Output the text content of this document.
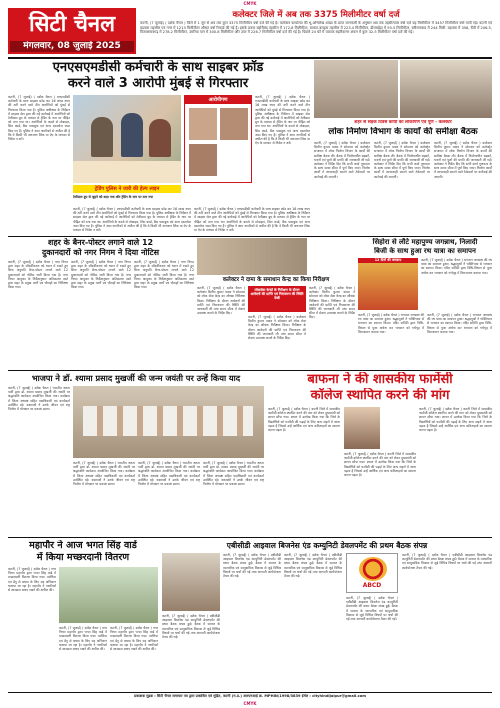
CMYK
CMYK
सिटी चैनल
मंगलवार, 08 जुलाई 2025
कलेक्टर जिले में अब तक 3375 मिलीमीटर वर्षा दर्ज
कटनी, (7 जुलाई) ( दर्शक चैनल ) जिले में 1 जून से अब तक कुल 3375 मिलीमीटर वर्षा दर्ज की गई है। कलेक्टर कार्यालय की भू-अभिलेख शाखा के प्राप्त जानकारी के अनुसार अब तक तहसीलवार वर्षा दर्ज यह मिलीमीटर में 3457 मिलीमीटर वर्षा मापी गई। कटनी एवं बड़वारा तहसील एवं नगर में 1213 मिलीमीटर औसत वर्षा रिकार्ड की गई है। इसके प्रकार बहोरीबंद तहसील में 172.8 मिलीमीटर, बाकल-बराहटा तहसील में 223.4 मिलीमीटर, ढीमरखेड़ा में 93.5 मिलीमीटर, स्लीमनाबाद में 244 मिली. बड़वारा में 358, रीठी में 206.5, विजयराघवगढ़ में 278.2 मिलीमीटर, उमरिया पान में 300.8 मिलीमीटर और उपर में 226.7 मिलीमीटर वर्षा दर्ज की गई है। पिछले 24 घंटे में व्यापक सहरीकरण अंकन में कुल 32.5 मिलीमीटर वर्षा दर्ज की गई।
एनएसएमडीसी कर्मचारी के साथ साइबर फ्रॉड
करने वाले 3 आरोपी मुंबई से गिरफ्तार
कटनी, (7 जुलाई) ( दर्शक चैनल ) एनएमडीसी कर्मचारी के साथ साइबर फ्रॉड कर 16 लाख रुपए की ठगी करने वाले तीन आरोपियों को मुंबई से गिरफ्तार किया गया है। पुलिस अधीक्षक के निर्देशन में साइबर सेल द्वारा की गई कार्रवाई में आरोपियों को टेलीग्राम ग्रुप के माध्यम से ट्रेडिंग के नाम पर पीड़ित को ठगा गया था। आरोपियों के कब्जे से मोबाइल, सिम कार्ड, बैंक पासबुक एवं अन्य दस्तावेज जब्त किए गए हैं। पुलिस ने आम नागरिकों से अपील की है कि वे किसी भी अनजान लिंक या ऐप के माध्यम से निवेश न करें।
आरोपीगण	कटनी, (7 जुलाई) ( दर्शक चैनल ) एनएमडीसी कर्मचारी के साथ साइबर फ्रॉड कर 16 लाख रुपए की ठगी करने वाले तीन आरोपियों को मुंबई से गिरफ्तार किया गया है। पुलिस अधीक्षक के निर्देशन में साइबर सेल द्वारा की गई कार्रवाई में आरोपियों को टेलीग्राम ग्रुप के माध्यम से ट्रेडिंग के नाम पर पीड़ित को ठगा गया था। आरोपियों के कब्जे से मोबाइल, सिम कार्ड, बैंक पासबुक एवं अन्य दस्तावेज जब्त किए गए हैं। पुलिस ने आम नागरिकों से अपील की है कि वे किसी भी अनजान लिंक या ऐप के माध्यम से निवेश न करें।
ट्रेडिंग पुलिस ने जारी की हेल्प लाइन
टेलीग्राम ग्रुप से जुड़ने को कहा गया और ट्रेडिंग के नाम पर ठगा गया
कटनी, (7 जुलाई) ( दर्शक चैनल ) एनएमडीसी कर्मचारी के साथ साइबर फ्रॉड कर 16 लाख रुपए की ठगी करने वाले तीन आरोपियों को मुंबई से गिरफ्तार किया गया है। पुलिस अधीक्षक के निर्देशन में साइबर सेल द्वारा की गई कार्रवाई में आरोपियों को टेलीग्राम ग्रुप के माध्यम से ट्रेडिंग के नाम पर पीड़ित को ठगा गया था। आरोपियों के कब्जे से मोबाइल, सिम कार्ड, बैंक पासबुक एवं अन्य दस्तावेज जब्त किए गए हैं। पुलिस ने आम नागरिकों से अपील की है कि वे किसी भी अनजान लिंक या ऐप के माध्यम से निवेश न करें।
कटनी, (7 जुलाई) ( दर्शक चैनल ) एनएमडीसी कर्मचारी के साथ साइबर फ्रॉड कर 16 लाख रुपए की ठगी करने वाले तीन आरोपियों को मुंबई से गिरफ्तार किया गया है। पुलिस अधीक्षक के निर्देशन में साइबर सेल द्वारा की गई कार्रवाई में आरोपियों को टेलीग्राम ग्रुप के माध्यम से ट्रेडिंग के नाम पर पीड़ित को ठगा गया था। आरोपियों के कब्जे से मोबाइल, सिम कार्ड, बैंक पासबुक एवं अन्य दस्तावेज जब्त किए गए हैं। पुलिस ने आम नागरिकों से अपील की है कि वे किसी भी अनजान लिंक या ऐप के माध्यम से निवेश न करें।
शहर से सड़क दिवस कार्यों का लोकार्पण एवं पूर्ण - कलेक्टर
लोक निर्माण विभाग के कार्यों की समीक्षा बैठक
कटनी, (7 जुलाई) ( दर्शक चैनल ) कलेक्टर दिलीप कुमार यादव ने सोमवार को कलेक्ट्रेट सभागार में लोक निर्माण विभाग के कार्यों की समीक्षा बैठक ली। बैठक में निर्माणाधीन सड़कों, भवनों एवं पुलों की प्रगति की जानकारी ली गई। कलेक्टर ने निर्देश दिए कि सभी कार्य गुणवत्ता के साथ समय सीमा में पूर्ण किए जाएं। निर्माण कार्यों में लापरवाही बरतने वाले ठेकेदारों पर कार्रवाई की जाएगी।
कटनी, (7 जुलाई) ( दर्शक चैनल ) कलेक्टर दिलीप कुमार यादव ने सोमवार को कलेक्ट्रेट सभागार में लोक निर्माण विभाग के कार्यों की समीक्षा बैठक ली। बैठक में निर्माणाधीन सड़कों, भवनों एवं पुलों की प्रगति की जानकारी ली गई। कलेक्टर ने निर्देश दिए कि सभी कार्य गुणवत्ता के साथ समय सीमा में पूर्ण किए जाएं। निर्माण कार्यों में लापरवाही बरतने वाले ठेकेदारों पर कार्रवाई की जाएगी।
कटनी, (7 जुलाई) ( दर्शक चैनल ) कलेक्टर दिलीप कुमार यादव ने सोमवार को कलेक्ट्रेट सभागार में लोक निर्माण विभाग के कार्यों की समीक्षा बैठक ली। बैठक में निर्माणाधीन सड़कों, भवनों एवं पुलों की प्रगति की जानकारी ली गई। कलेक्टर ने निर्देश दिए कि सभी कार्य गुणवत्ता के साथ समय सीमा में पूर्ण किए जाएं। निर्माण कार्यों में लापरवाही बरतने वाले ठेकेदारों पर कार्रवाई की जाएगी।
शहर के बैनर-पोस्टर लगाने वाले 12
दुकानदारों को नगर निगम ने दिया नोटिस
कटनी, (7 जुलाई) ( दर्शक चैनल ) नगर निगम द्वारा शहर के सौंदर्यीकरण को ध्यान में रखते हुए बिना अनुमति बैनर-पोस्टर लगाने वाले 12 दुकानदारों को नोटिस जारी किया गया है। नगर निगम आयुक्त के निर्देशानुसार अतिक्रमण दस्ते द्वारा शहर के प्रमुख मार्गों एवं चौराहों का निरीक्षण किया गया।
कटनी, (7 जुलाई) ( दर्शक चैनल ) नगर निगम द्वारा शहर के सौंदर्यीकरण को ध्यान में रखते हुए बिना अनुमति बैनर-पोस्टर लगाने वाले 12 दुकानदारों को नोटिस जारी किया गया है। नगर निगम आयुक्त के निर्देशानुसार अतिक्रमण दस्ते द्वारा शहर के प्रमुख मार्गों एवं चौराहों का निरीक्षण किया गया।
कटनी, (7 जुलाई) ( दर्शक चैनल ) नगर निगम द्वारा शहर के सौंदर्यीकरण को ध्यान में रखते हुए बिना अनुमति बैनर-पोस्टर लगाने वाले 12 दुकानदारों को नोटिस जारी किया गया है। नगर निगम आयुक्त के निर्देशानुसार अतिक्रमण दस्ते द्वारा शहर के प्रमुख मार्गों एवं चौराहों का निरीक्षण किया गया।
कलेक्टर ने दामा के समाधान केन्द्र का किया निरीक्षण
कटनी, (7 जुलाई) ( दर्शक चैनल ) कलेक्टर दिलीप कुमार यादव ने सोमवार को लोक सेवा केन्द्र का औचक निरीक्षण किया। निरीक्षण के दौरान आवेदनों की प्राप्ति एवं निराकरण की स्थिति की जानकारी ली तथा समय सीमा में सेवाएं उपलब्ध कराने के निर्देश दिए।
लोकसेवा केन्द्रों के निरीक्षण के दौरान आवेदनों की प्राप्ति एवं निराकरण की स्थिति देखी
कटनी, (7 जुलाई) ( दर्शक चैनल ) कलेक्टर दिलीप कुमार यादव ने सोमवार को लोक सेवा केन्द्र का औचक निरीक्षण किया। निरीक्षण के दौरान आवेदनों की प्राप्ति एवं निराकरण की स्थिति की जानकारी ली तथा समय सीमा में सेवाएं उपलब्ध कराने के निर्देश दिए।
कटनी, (7 जुलाई) ( दर्शक चैनल ) कलेक्टर दिलीप कुमार यादव ने सोमवार को लोक सेवा केन्द्र का औचक निरीक्षण किया। निरीक्षण के दौरान आवेदनों की प्राप्ति एवं निराकरण की स्थिति की जानकारी ली तथा समय सीमा में सेवाएं उपलब्ध कराने के निर्देश दिए।
सिहोरा से लौटे महापुण्य जगन्नाथ, निलादी
बिजी के साथ हुआ रथ यात्रा का समापन
12 दिनों की जगन्नाथ	कटनी, (7 जुलाई) ( दर्शक चैनल ) भगवान जगन्नाथ की रथ यात्रा का समापन हुआ। श्रद्धालुओं ने भक्तिभाव से भगवान का स्वागत किया। मंदिर समिति द्वारा विधि-विधान से पूजा अर्चना कर भगवान को गर्भगृह में विराजमान कराया गया।
कटनी, (7 जुलाई) ( दर्शक चैनल ) भगवान जगन्नाथ की रथ यात्रा का समापन हुआ। श्रद्धालुओं ने भक्तिभाव से भगवान का स्वागत किया। मंदिर समिति द्वारा विधि-विधान से पूजा अर्चना कर भगवान को गर्भगृह में विराजमान कराया गया।
कटनी, (7 जुलाई) ( दर्शक चैनल ) भगवान जगन्नाथ की रथ यात्रा का समापन हुआ। श्रद्धालुओं ने भक्तिभाव से भगवान का स्वागत किया। मंदिर समिति द्वारा विधि-विधान से पूजा अर्चना कर भगवान को गर्भगृह में विराजमान कराया गया।
भाजपा ने डॉ. श्यामा प्रसाद मुखर्जी की जन्म जयंती पर उन्हें किया याद
कटनी, (7 जुलाई) ( दर्शक चैनल ) भारतीय जनता पार्टी द्वारा डॉ. श्यामा प्रसाद मुखर्जी की जयंती पर श्रद्धांजलि कार्यक्रम आयोजित किया गया। कार्यक्रम में जिला अध्यक्ष सहित पदाधिकारी एवं कार्यकर्ता उपस्थित रहे। वक्ताओं ने उनके जीवन एवं राष्ट्र निर्माण में योगदान पर प्रकाश डाला।
कटनी, (7 जुलाई) ( दर्शक चैनल ) भारतीय जनता पार्टी द्वारा डॉ. श्यामा प्रसाद मुखर्जी की जयंती पर श्रद्धांजलि कार्यक्रम आयोजित किया गया। कार्यक्रम में जिला अध्यक्ष सहित पदाधिकारी एवं कार्यकर्ता उपस्थित रहे। वक्ताओं ने उनके जीवन एवं राष्ट्र निर्माण में योगदान पर प्रकाश डाला।
कटनी, (7 जुलाई) ( दर्शक चैनल ) भारतीय जनता पार्टी द्वारा डॉ. श्यामा प्रसाद मुखर्जी की जयंती पर श्रद्धांजलि कार्यक्रम आयोजित किया गया। कार्यक्रम में जिला अध्यक्ष सहित पदाधिकारी एवं कार्यकर्ता उपस्थित रहे। वक्ताओं ने उनके जीवन एवं राष्ट्र निर्माण में योगदान पर प्रकाश डाला।
कटनी, (7 जुलाई) ( दर्शक चैनल ) भारतीय जनता पार्टी द्वारा डॉ. श्यामा प्रसाद मुखर्जी की जयंती पर श्रद्धांजलि कार्यक्रम आयोजित किया गया। कार्यक्रम में जिला अध्यक्ष सहित पदाधिकारी एवं कार्यकर्ता उपस्थित रहे। वक्ताओं ने उनके जीवन एवं राष्ट्र निर्माण में योगदान पर प्रकाश डाला।
बाफना ने की शासकीय फार्मेसी
कॉलेज स्थापित करने की मांग
कटनी, (7 जुलाई) ( दर्शक चैनल ) कटनी जिले में शासकीय फार्मेसी कॉलेज स्थापित करने की मांग को लेकर मुख्यमंत्री को ज्ञापन सौंपा गया। ज्ञापन में उल्लेख किया गया कि जिले के विद्यार्थियों को फार्मेसी की पढ़ाई के लिए अन्य शहरों में जाना पड़ता है जिससे उन्हें आर्थिक एवं अन्य कठिनाइयों का सामना करना पड़ता है।
कटनी, (7 जुलाई) ( दर्शक चैनल ) कटनी जिले में शासकीय फार्मेसी कॉलेज स्थापित करने की मांग को लेकर मुख्यमंत्री को ज्ञापन सौंपा गया। ज्ञापन में उल्लेख किया गया कि जिले के विद्यार्थियों को फार्मेसी की पढ़ाई के लिए अन्य शहरों में जाना पड़ता है जिससे उन्हें आर्थिक एवं अन्य कठिनाइयों का सामना करना पड़ता है।
कटनी, (7 जुलाई) ( दर्शक चैनल ) कटनी जिले में शासकीय फार्मेसी कॉलेज स्थापित करने की मांग को लेकर मुख्यमंत्री को ज्ञापन सौंपा गया। ज्ञापन में उल्लेख किया गया कि जिले के विद्यार्थियों को फार्मेसी की पढ़ाई के लिए अन्य शहरों में जाना पड़ता है जिससे उन्हें आर्थिक एवं अन्य कठिनाइयों का सामना करना पड़ता है।
महापौर ने आज भगत सिंह वार्ड
में किया मच्छरदानी वितरण
कटनी, (7 जुलाई) ( दर्शक चैनल ) नगर निगम महापौर द्वारा भगत सिंह वार्ड में मच्छरदानी वितरण किया गया। मलेरिया एवं डेंगू से बचाव के लिए यह अभियान चलाया जा रहा है। महापौर ने नागरिकों से स्वच्छता बनाए रखने की अपील की।
कटनी, (7 जुलाई) ( दर्शक चैनल ) नगर निगम महापौर द्वारा भगत सिंह वार्ड में मच्छरदानी वितरण किया गया। मलेरिया एवं डेंगू से बचाव के लिए यह अभियान चलाया जा रहा है। महापौर ने नागरिकों से स्वच्छता बनाए रखने की अपील की।
कटनी, (7 जुलाई) ( दर्शक चैनल ) नगर निगम महापौर द्वारा भगत सिंह वार्ड में मच्छरदानी वितरण किया गया। मलेरिया एवं डेंगू से बचाव के लिए यह अभियान चलाया जा रहा है। महापौर ने नागरिकों से स्वच्छता बनाए रखने की अपील की।
एबीसीडी आइवाल बिजनेस एंड कम्युनिटी डेवलपमेंट की प्रथम बैठक संपन्न
कटनी, (7 जुलाई) ( दर्शक चैनल ) एबीसीडी आइवाल बिजनेस एंड कम्युनिटी डेवलपमेंट की प्रथम बैठक संपन्न हुई। बैठक में समाज के व्यापारिक एवं सामुदायिक विकास से जुड़े विभिन्न विषयों पर चर्चा की गई तथा आगामी कार्ययोजना तैयार की गई।
कटनी, (7 जुलाई) ( दर्शक चैनल ) एबीसीडी आइवाल बिजनेस एंड कम्युनिटी डेवलपमेंट की प्रथम बैठक संपन्न हुई। बैठक में समाज के व्यापारिक एवं सामुदायिक विकास से जुड़े विभिन्न विषयों पर चर्चा की गई तथा आगामी कार्ययोजना तैयार की गई।
कटनी, (7 जुलाई) ( दर्शक चैनल ) एबीसीडी आइवाल बिजनेस एंड कम्युनिटी डेवलपमेंट की प्रथम बैठक संपन्न हुई। बैठक में समाज के व्यापारिक एवं सामुदायिक विकास से जुड़े विभिन्न विषयों पर चर्चा की गई तथा आगामी कार्ययोजना तैयार की गई।
ABCD
कटनी, (7 जुलाई) ( दर्शक चैनल ) एबीसीडी आइवाल बिजनेस एंड कम्युनिटी डेवलपमेंट की प्रथम बैठक संपन्न हुई। बैठक में समाज के व्यापारिक एवं सामुदायिक विकास से जुड़े विभिन्न विषयों पर चर्चा की गई तथा आगामी कार्ययोजना तैयार की गई।
कटनी, (7 जुलाई) ( दर्शक चैनल ) एबीसीडी आइवाल बिजनेस एंड कम्युनिटी डेवलपमेंट की प्रथम बैठक संपन्न हुई। बैठक में समाज के व्यापारिक एवं सामुदायिक विकास से जुड़े विभिन्न विषयों पर चर्चा की गई तथा आगामी कार्ययोजना तैयार की गई।
प्रकाशक मुद्रक : सिटी चैनल समाचार पत्र द्वारा प्रकाशित एवं मुद्रित, कटनी (म.प्र.) आरएनआई क्र. MPHIN/1998/3839 ईमेल : cityhindijaipur@gmail.com
